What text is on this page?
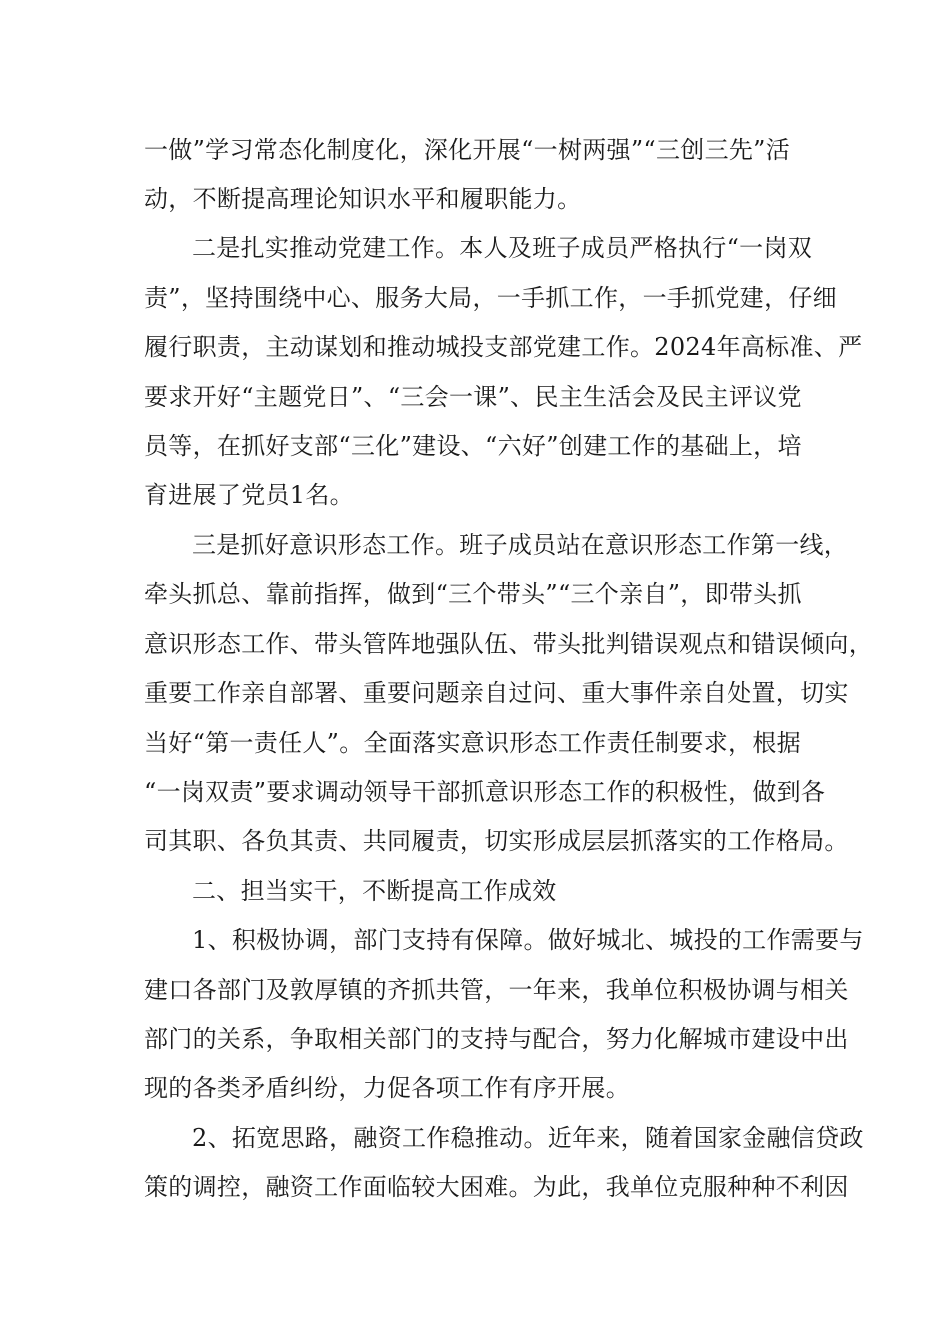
一做”学习常态化制度化，深化开展“一树两强”“三创三先”活
动，不断提高理论知识水平和履职能力。
二是扎实推动党建工作。本人及班子成员严格执行“一岗双
责”，坚持围绕中心、服务大局，一手抓工作，一手抓党建，仔细
履行职责，主动谋划和推动城投支部党建工作。2024年高标准、严
要求开好“主题党日”、“三会一课”、民主生活会及民主评议党
员等，在抓好支部“三化”建设、“六好”创建工作的基础上，培
育进展了党员1名。
三是抓好意识形态工作。班子成员站在意识形态工作第一线，
牵头抓总、靠前指挥，做到“三个带头”“三个亲自”，即带头抓
意识形态工作、带头管阵地强队伍、带头批判错误观点和错误倾向，
重要工作亲自部署、重要问题亲自过问、重大事件亲自处置，切实
当好“第一责任人”。全面落实意识形态工作责任制要求，根据
“一岗双责”要求调动领导干部抓意识形态工作的积极性，做到各
司其职、各负其责、共同履责，切实形成层层抓落实的工作格局。
二、担当实干，不断提高工作成效
1、积极协调，部门支持有保障。做好城北、城投的工作需要与
建口各部门及敦厚镇的齐抓共管，一年来，我单位积极协调与相关
部门的关系，争取相关部门的支持与配合，努力化解城市建设中出
现的各类矛盾纠纷，力促各项工作有序开展。
2、拓宽思路，融资工作稳推动。近年来，随着国家金融信贷政
策的调控，融资工作面临较大困难。为此，我单位克服种种不利因
